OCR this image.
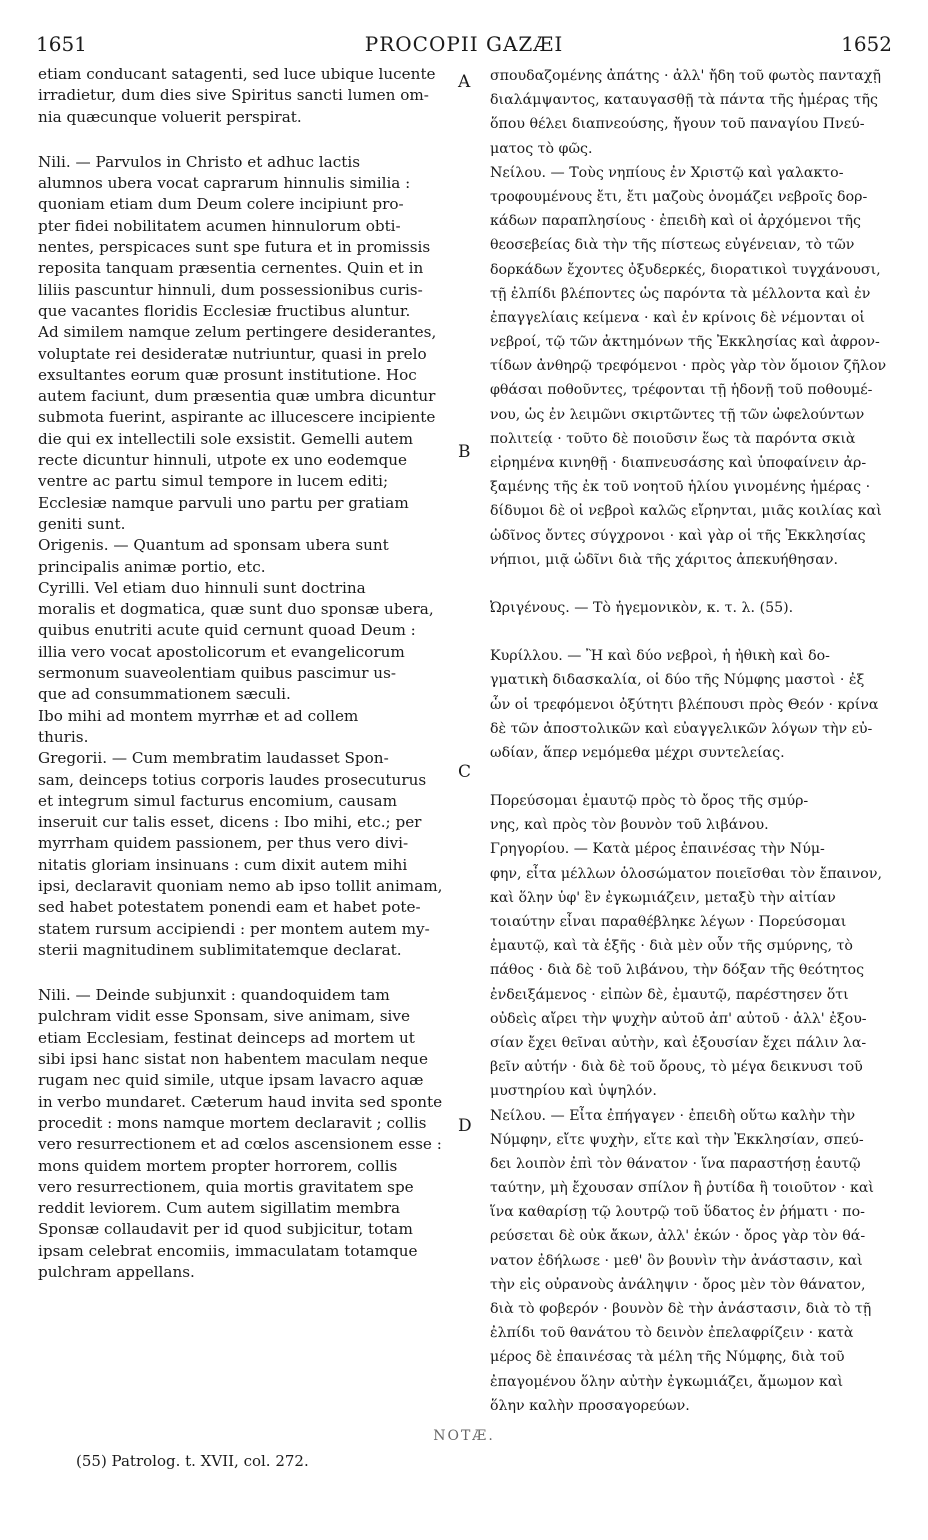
1651	PROCOPII GAZÆI	1652
etiam conducant satagenti, sed luce ubique lucente
irradietur, dum dies sive Spiritus sancti lumen om-
nia quæcunque voluerit perspirat.
Nili. — Parvulos in Christo et adhuc lactis
alumnos ubera vocat caprarum hinnulis similia :
quoniam etiam dum Deum colere incipiunt pro-
pter fidei nobilitatem acumen hinnulorum obti-
nentes, perspicaces sunt spe futura et in promissis
reposita tanquam præsentia cernentes. Quin et in
liliis pascuntur hinnuli, dum possessionibus curis-
que vacantes floridis Ecclesiæ fructibus aluntur.
Ad similem namque zelum pertingere desiderantes,
voluptate rei desideratæ nutriuntur, quasi in prelo
exsultantes eorum quæ prosunt institutione. Hoc
autem faciunt, dum præsentia quæ umbra dicuntur
submota fuerint, aspirante ac illucescere incipiente
die qui ex intellectili sole exsistit. Gemelli autem
recte dicuntur hinnuli, utpote ex uno eodemque
ventre ac partu simul tempore in lucem editi;
Ecclesiæ namque parvuli uno partu per gratiam
geniti sunt.
Origenis. — Quantum ad sponsam ubera sunt
principalis animæ portio, etc.
Cyrilli. Vel etiam duo hinnuli sunt doctrina
moralis et dogmatica, quæ sunt duo sponsæ ubera,
quibus enutriti acute quid cernunt quoad Deum :
illia vero vocat apostolicorum et evangelicorum
sermonum suaveolentiam quibus pascimur us-
que ad consummationem sæculi.
Ibo mihi ad montem myrrhæ et ad collem
thuris.
Gregorii. — Cum membratim laudasset Spon-
sam, deinceps totius corporis laudes prosecuturus
et integrum simul facturus encomium, causam
inseruit cur talis esset, dicens : Ibo mihi, etc.; per
myrrham quidem passionem, per thus vero divi-
nitatis gloriam insinuans : cum dixit autem mihi
ipsi, declaravit quoniam nemo ab ipso tollit animam,
sed habet potestatem ponendi eam et habet pote-
statem rursum accipiendi : per montem autem my-
sterii magnitudinem sublimitatemque declarat.
Nili. — Deinde subjunxit : quandoquidem tam
pulchram vidit esse Sponsam, sive animam, sive
etiam Ecclesiam, festinat deinceps ad mortem ut
sibi ipsi hanc sistat non habentem maculam neque
rugam nec quid simile, utque ipsam lavacro aquæ
in verbo mundaret. Cæterum haud invita sed sponte
procedit : mons namque mortem declaravit ; collis
vero resurrectionem et ad cœlos ascensionem esse :
mons quidem mortem propter horrorem, collis
vero resurrectionem, quia mortis gravitatem spe
reddit leviorem. Cum autem sigillatim membra
Sponsæ collaudavit per id quod subjicitur, totam
ipsam celebrat encomiis, immaculatam totamque
pulchram appellans.
σπουδαζομένης ἀπάτης · ἀλλ' ἤδη τοῦ φωτὸς πανταχῇ
διαλάμψαντος, καταυγασθῇ τὰ πάντα τῆς ἡμέρας τῆς
ὅπου θέλει διαπνεούσης, ἤγουν τοῦ παναγίου Πνεύ-
ματος τὸ φῶς.
Νείλου. — Τοὺς νηπίους ἐν Χριστῷ καὶ γαλακτο-
τροφουμένους ἔτι, ἔτι μαζοὺς ὀνομάζει νεβροῖς δορ-
κάδων παραπλησίους · ἐπειδὴ καὶ οἱ ἀρχόμενοι τῆς
θεοσεβείας διὰ τὴν τῆς πίστεως εὐγένειαν, τὸ τῶν
δορκάδων ἔχοντες ὀξυδερκές, διορατικοὶ τυγχάνουσι,
τῇ ἐλπίδι βλέποντες ὡς παρόντα τὰ μέλλοντα καὶ ἐν
ἐπαγγελίαις κείμενα · καὶ ἐν κρίνοις δὲ νέμονται οἱ
νεβροί, τῷ τῶν ἀκτημόνων τῆς Ἐκκλησίας καὶ ἀφρον-
τίδων ἀνθηρῷ τρεφόμενοι · πρὸς γὰρ τὸν ὅμοιον ζῆλον
φθάσαι ποθοῦντες, τρέφονται τῇ ἡδονῇ τοῦ ποθουμέ-
νου, ὡς ἐν λειμῶνι σκιρτῶντες τῇ τῶν ὠφελούντων
πολιτείᾳ · τοῦτο δὲ ποιοῦσιν ἕως τὰ παρόντα σκιὰ
εἰρημένα κινηθῇ · διαπνευσάσης καὶ ὑποφαίνειν ἀρ-
ξαμένης τῆς ἐκ τοῦ νοητοῦ ἡλίου γινομένης ἡμέρας ·
δίδυμοι δὲ οἱ νεβροὶ καλῶς εἴρηνται, μιᾶς κοιλίας καὶ
ὠδῖνος ὄντες σύγχρονοι · καὶ γὰρ οἱ τῆς Ἐκκλησίας
νήπιοι, μιᾷ ὠδῖνι διὰ τῆς χάριτος ἀπεκυήθησαν.
Ὠριγένους. — Τὸ ἡγεμονικὸν, κ. τ. λ. (55).
Κυρίλλου. — Ἢ καὶ δύο νεβροὶ, ἡ ἠθικὴ καὶ δο-
γματικὴ διδασκαλία, οἱ δύο τῆς Νύμφης μαστοὶ · ἐξ
ὧν οἱ τρεφόμενοι ὀξύτητι βλέπουσι πρὸς Θεόν · κρίνα
δὲ τῶν ἀποστολικῶν καὶ εὐαγγελικῶν λόγων τὴν εὐ-
ωδίαν, ἅπερ νεμόμεθα μέχρι συντελείας.
Πορεύσομαι ἐμαυτῷ πρὸς τὸ ὄρος τῆς σμύρ-
νης, καὶ πρὸς τὸν βουνὸν τοῦ λιβάνου.
Γρηγορίου. — Κατὰ μέρος ἐπαινέσας τὴν Νύμ-
φην, εἶτα μέλλων ὁλοσώματον ποιεῖσθαι τὸν ἔπαινον,
καὶ ὅλην ὑφ' ἓν ἐγκωμιάζειν, μεταξὺ τὴν αἰτίαν
τοιαύτην εἶναι παραθέβληκε λέγων · Πορεύσομαι
ἐμαυτῷ, καὶ τὰ ἑξῆς · διὰ μὲν οὖν τῆς σμύρνης, τὸ
πάθος · διὰ δὲ τοῦ λιβάνου, τὴν δόξαν τῆς θεότητος
ἐνδειξάμενος · εἰπὼν δὲ, ἐμαυτῷ, παρέστησεν ὅτι
οὐδεὶς αἴρει τὴν ψυχὴν αὐτοῦ ἀπ' αὐτοῦ · ἀλλ' ἐξου-
σίαν ἔχει θεῖναι αὐτὴν, καὶ ἐξουσίαν ἔχει πάλιν λα-
βεῖν αὐτήν · διὰ δὲ τοῦ ὄρους, τὸ μέγα δεικνυσι τοῦ
μυστηρίου καὶ ὑψηλόν.
Νείλου. — Εἶτα ἐπήγαγεν · ἐπειδὴ οὕτω καλὴν τὴν
Νύμφην, εἴτε ψυχὴν, εἴτε καὶ τὴν Ἐκκλησίαν, σπεύ-
δει λοιπὸν ἐπὶ τὸν θάνατον · ἵνα παραστήσῃ ἑαυτῷ
ταύτην, μὴ ἔχουσαν σπίλον ἢ ῥυτίδα ἢ τοιοῦτον · καὶ
ἵνα καθαρίσῃ τῷ λουτρῷ τοῦ ὕδατος ἐν ῥήματι · πο-
ρεύσεται δὲ οὐκ ἄκων, ἀλλ' ἑκών · ὄρος γὰρ τὸν θά-
νατον ἐδήλωσε · μεθ' ὃν βουνὶν τὴν ἀνάστασιν, καὶ
τὴν εἰς οὐρανοὺς ἀνάληψιν · ὄρος μὲν τὸν θάνατον,
διὰ τὸ φοβερόν · βουνὸν δὲ τὴν ἀνάστασιν, διὰ τὸ τῇ
ἐλπίδι τοῦ θανάτου τὸ δεινὸν ἐπελαφρίζειν · κατὰ
μέρος δὲ ἐπαινέσας τὰ μέλη τῆς Νύμφης, διὰ τοῦ
ἐπαγομένου ὅλην αὐτὴν ἐγκωμιάζει, ἄμωμον καὶ
ὅλην καλὴν προσαγορεύων.
A
B
C
D
NOTÆ.
(55) Patrolog. t. XVII, col. 272.
